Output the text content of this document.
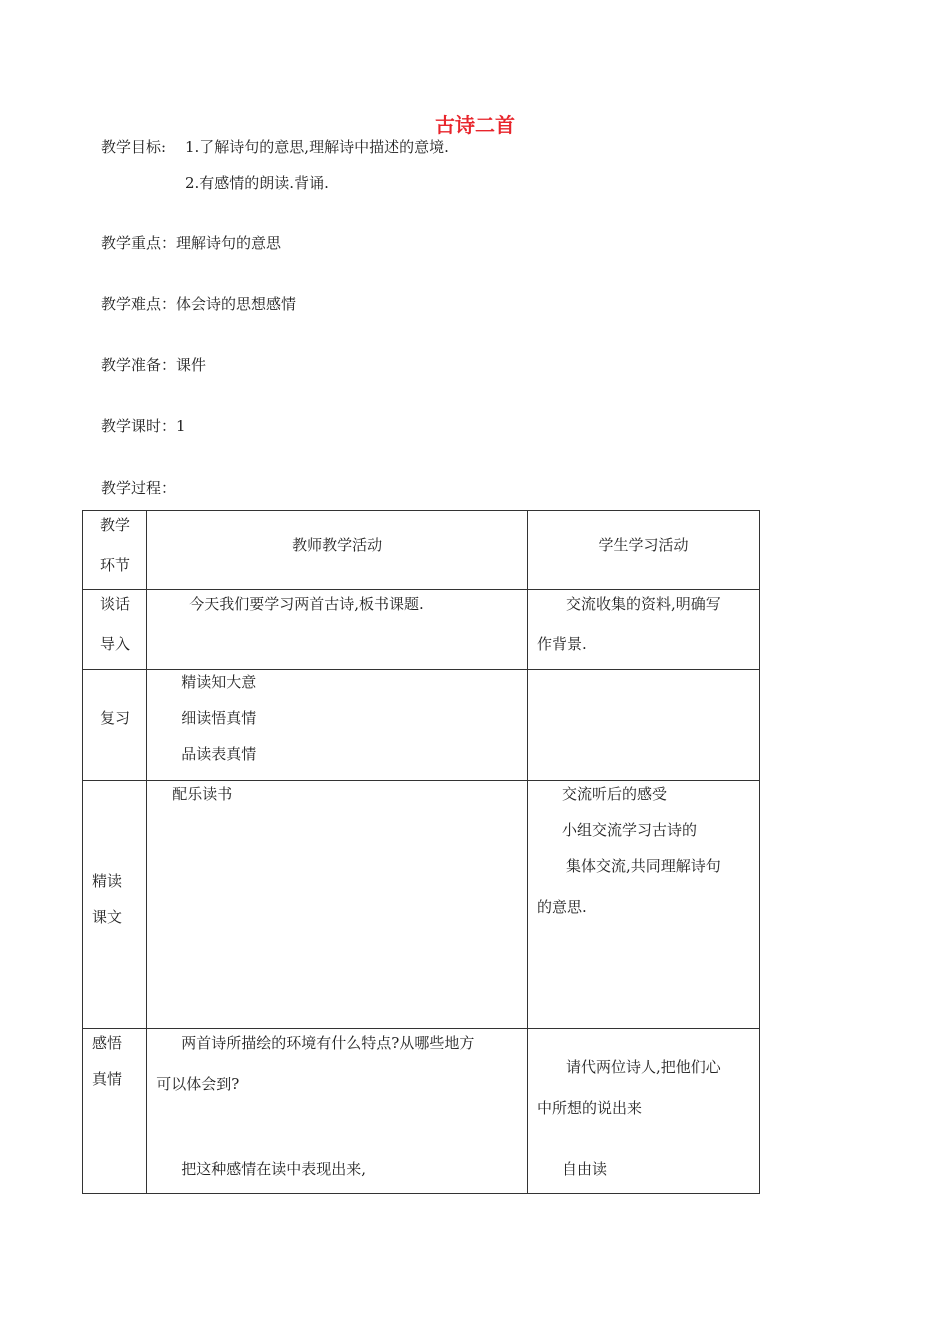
古诗二首
教学目标: 1.了解诗句的意思,理解诗中描述的意境.
2.有感情的朗读.背诵.
教学重点：理解诗句的意思
教学难点：体会诗的思想感情
教学准备：课件
教学课时：1
教学过程：
教学
环节	教师教学活动	学生学习活动

谈话
导入	今天我们要学习两首古诗,板书课题.	交流收集的资料,明确写
作背景.

复习	精读知大意
细读悟真情
品读表真情	

精读
课文	配乐读书	交流听后的感受
小组交流学习古诗的
集体交流,共同理解诗句
的意思.

感悟
真情	两首诗所描绘的环境有什么特点?从哪些地方
可以体会到?
把这种感情在读中表现出来,	请代两位诗人,把他们心
中所想的说出来
自由读
